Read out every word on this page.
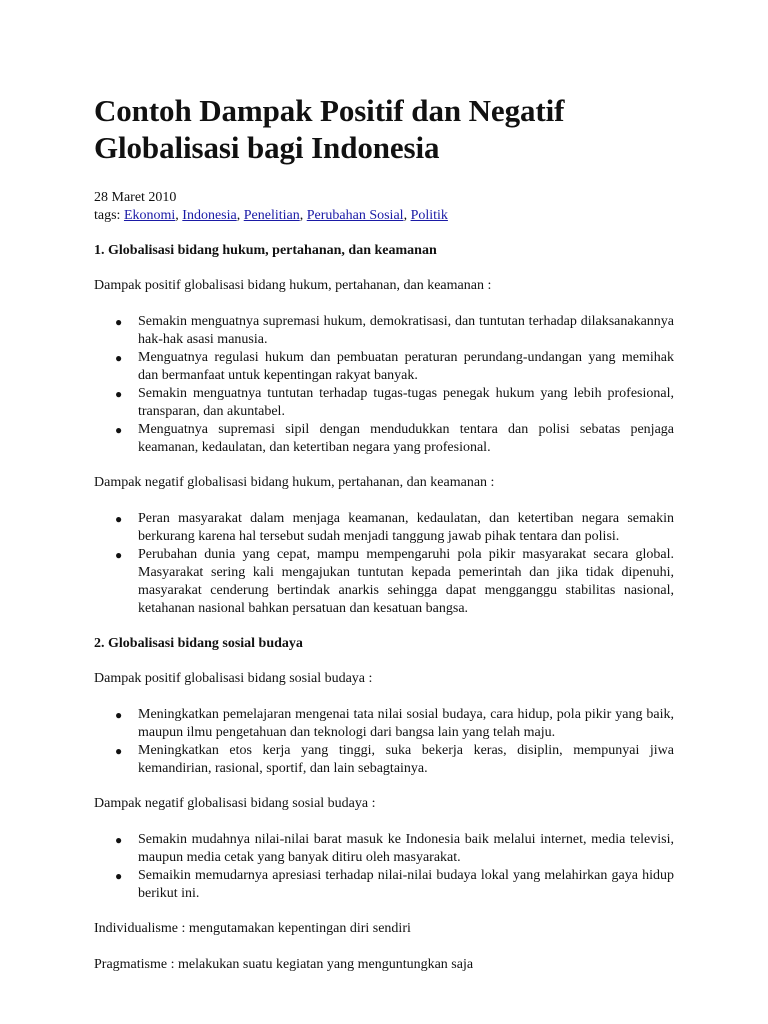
Contoh Dampak Positif dan Negatif Globalisasi bagi Indonesia
28 Maret 2010
tags: Ekonomi, Indonesia, Penelitian, Perubahan Sosial, Politik
1. Globalisasi bidang hukum, pertahanan, dan keamanan

Dampak positif globalisasi bidang hukum, pertahanan, dan keamanan :

● Semakin menguatnya supremasi hukum, demokratisasi, dan tuntutan terhadap dilaksanakannya hak-hak asasi manusia.
● Menguatnya regulasi hukum dan pembuatan peraturan perundang-undangan yang memihak dan bermanfaat untuk kepentingan rakyat banyak.
● Semakin menguatnya tuntutan terhadap tugas-tugas penegak hukum yang lebih profesional, transparan, dan akuntabel.
● Menguatnya supremasi sipil dengan mendudukkan tentara dan polisi sebatas penjaga keamanan, kedaulatan, dan ketertiban negara yang profesional.

Dampak negatif globalisasi bidang hukum, pertahanan, dan keamanan :

● Peran masyarakat dalam menjaga keamanan, kedaulatan, dan ketertiban negara semakin berkurang karena hal tersebut sudah menjadi tanggung jawab pihak tentara dan polisi.
● Perubahan dunia yang cepat, mampu mempengaruhi pola pikir masyarakat secara global. Masyarakat sering kali mengajukan tuntutan kepada pemerintah dan jika tidak dipenuhi, masyarakat cenderung bertindak anarkis sehingga dapat mengganggu stabilitas nasional, ketahanan nasional bahkan persatuan dan kesatuan bangsa.
2. Globalisasi bidang sosial budaya

Dampak positif globalisasi bidang sosial budaya :

● Meningkatkan pemelajaran mengenai tata nilai sosial budaya, cara hidup, pola pikir yang baik, maupun ilmu pengetahuan dan teknologi dari bangsa lain yang telah maju.
● Meningkatkan etos kerja yang tinggi, suka bekerja keras, disiplin, mempunyai jiwa kemandirian, rasional, sportif, dan lain sebagtainya.

Dampak negatif globalisasi bidang sosial budaya :

● Semakin mudahnya nilai-nilai barat masuk ke Indonesia baik melalui internet, media televisi, maupun media cetak yang banyak ditiru oleh masyarakat.
● Semaikin memudarnya apresiasi terhadap nilai-nilai budaya lokal yang melahirkan gaya hidup berikut ini.

Individualisme : mengutamakan kepentingan diri sendiri

Pragmatisme : melakukan suatu kegiatan yang menguntungkan saja
